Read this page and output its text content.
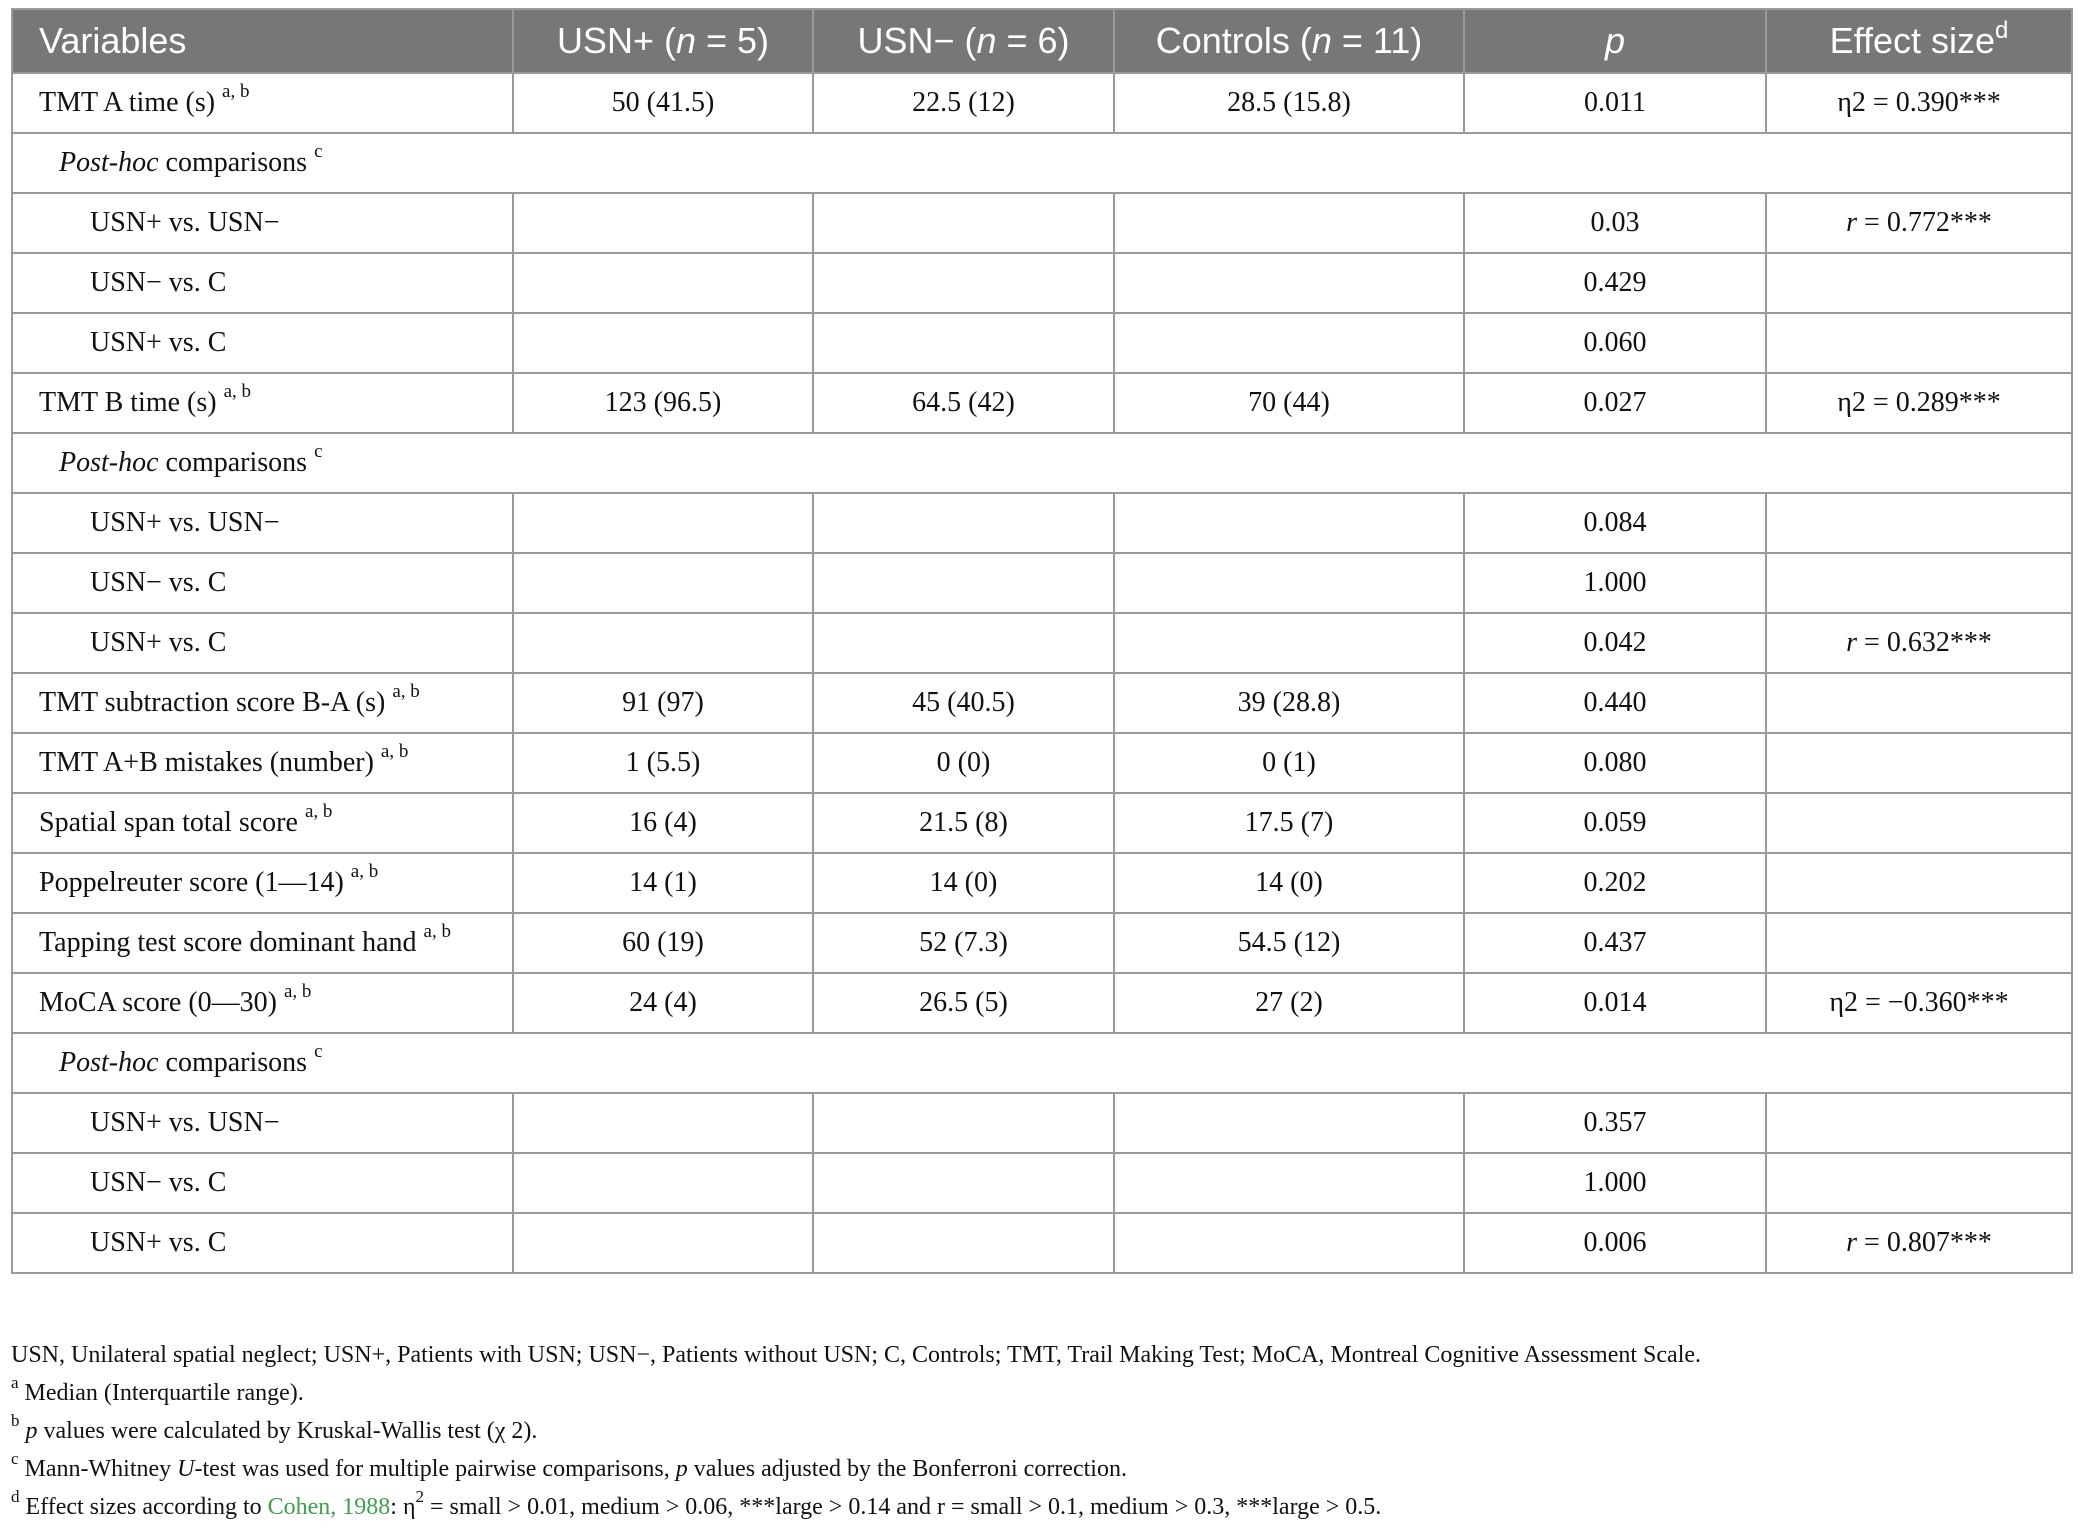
Variables	USN+ (n = 5)	USN− (n = 6)	Controls (n = 11)	p	Effect size$^d$
TMT A time (s) $^{a, b}$	50 (41.5)	22.5 (12)	28.5 (15.8)	0.011	η2 = 0.390***
Post-hoc comparisons $^c$
USN+ vs. USN−				0.03	r = 0.772***
USN− vs. C				0.429	
USN+ vs. C				0.060	
TMT B time (s) $^{a, b}$	123 (96.5)	64.5 (42)	70 (44)	0.027	η2 = 0.289***
Post-hoc comparisons $^c$
USN+ vs. USN−				0.084	
USN− vs. C				1.000	
USN+ vs. C				0.042	r = 0.632***
TMT subtraction score B-A (s) $^{a, b}$	91 (97)	45 (40.5)	39 (28.8)	0.440	
TMT A+B mistakes (number) $^{a, b}$	1 (5.5)	0 (0)	0 (1)	0.080	
Spatial span total score $^{a, b}$	16 (4)	21.5 (8)	17.5 (7)	0.059	
Poppelreuter score (1—14) $^{a, b}$	14 (1)	14 (0)	14 (0)	0.202	
Tapping test score dominant hand $^{a, b}$	60 (19)	52 (7.3)	54.5 (12)	0.437	
MoCA score (0—30) $^{a, b}$	24 (4)	26.5 (5)	27 (2)	0.014	η2 = −0.360***
Post-hoc comparisons $^c$
USN+ vs. USN−				0.357	
USN− vs. C				1.000	
USN+ vs. C				0.006	r = 0.807***

USN, Unilateral spatial neglect; USN+, Patients with USN; USN−, Patients without USN; C, Controls; TMT, Trail Making Test; MoCA, Montreal Cognitive Assessment Scale.

$^a$ Median (Interquartile range).

$^b$ p values were calculated by Kruskal-Wallis test (χ 2).

$^c$ Mann-Whitney U-test was used for multiple pairwise comparisons, p values adjusted by the Bonferroni correction.

$^d$ Effect sizes according to Cohen, 1988: $\eta^2$ = small > 0.01, medium > 0.06, ***large > 0.14 and r = small > 0.1, medium > 0.3, ***large > 0.5.
